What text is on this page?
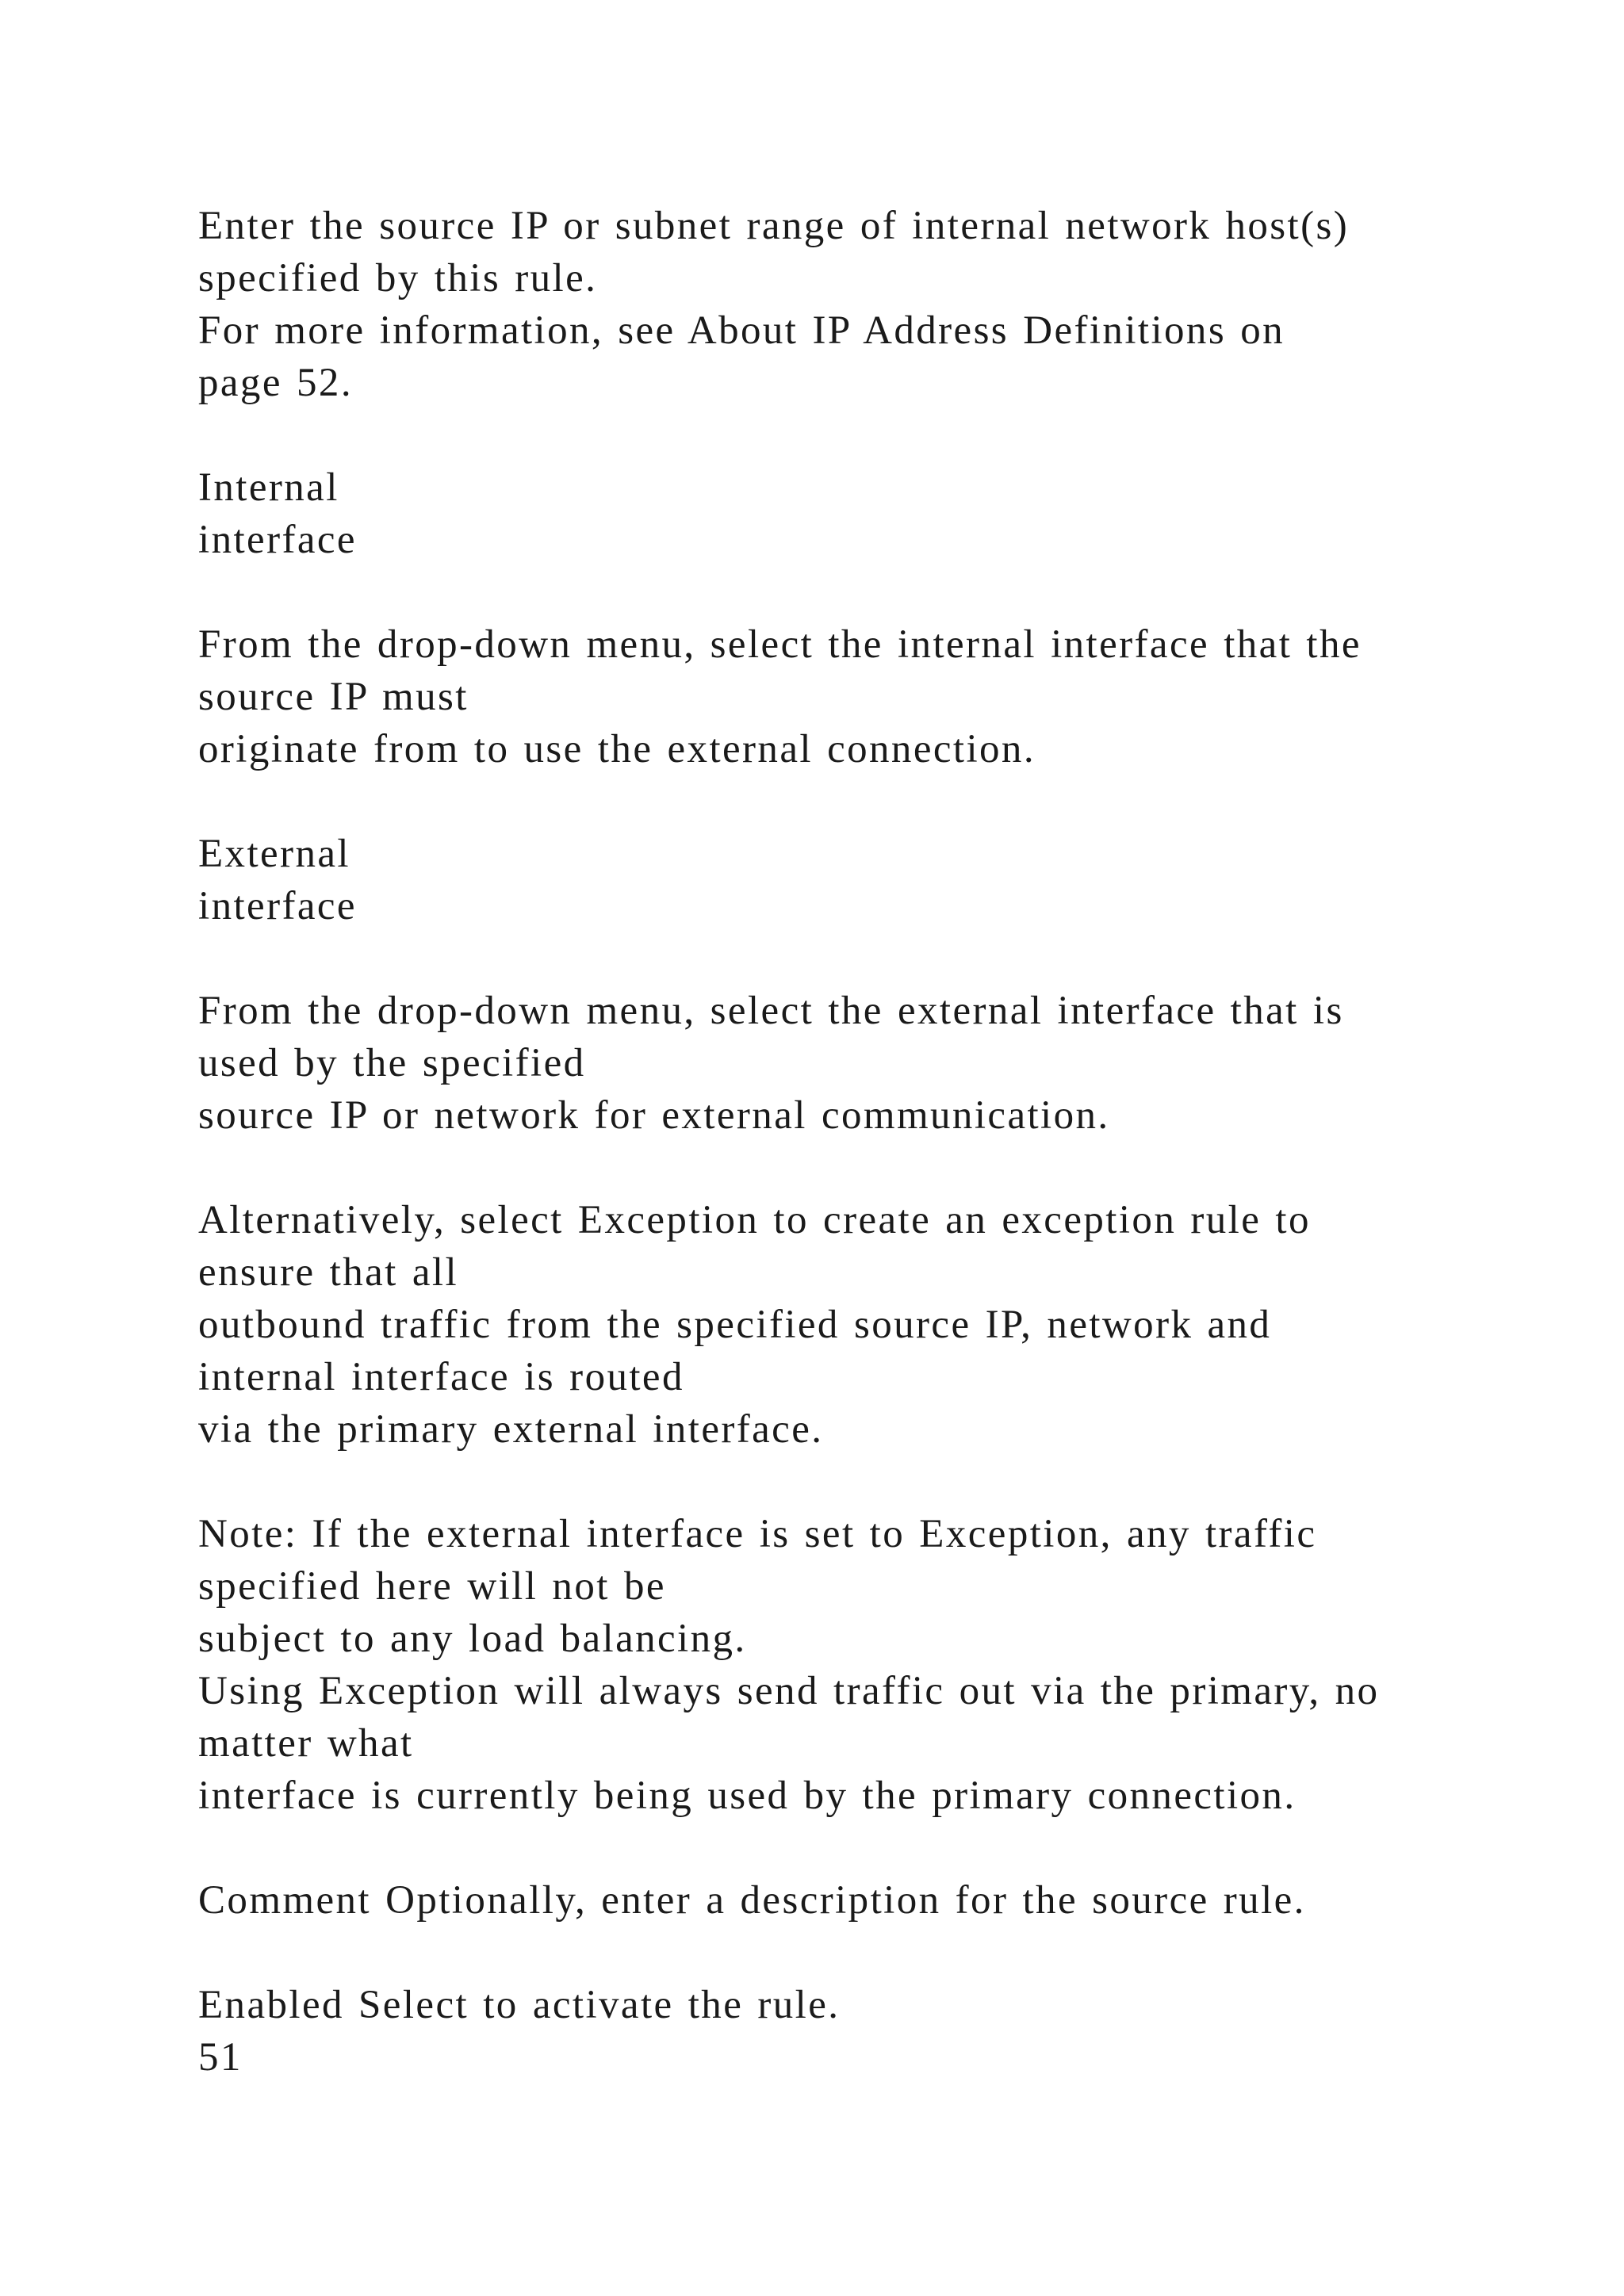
Enter the source IP or subnet range of internal network host(s)
specified by this rule.
For more information, see About IP Address Definitions on
page 52.
Internal
interface
From the drop-down menu, select the internal interface that the
source IP must
originate from to use the external connection.
External
interface
From the drop-down menu, select the external interface that is
used by the specified
source IP or network for external communication.
Alternatively, select Exception to create an exception rule to
ensure that all
outbound traffic from the specified source IP, network and
internal interface is routed
via the primary external interface.
Note: If the external interface is set to Exception, any traffic
specified here will not be
subject to any load balancing.
Using Exception will always send traffic out via the primary, no
matter what
interface is currently being used by the primary connection.
Comment Optionally, enter a description for the source rule.
Enabled Select to activate the rule.
51
